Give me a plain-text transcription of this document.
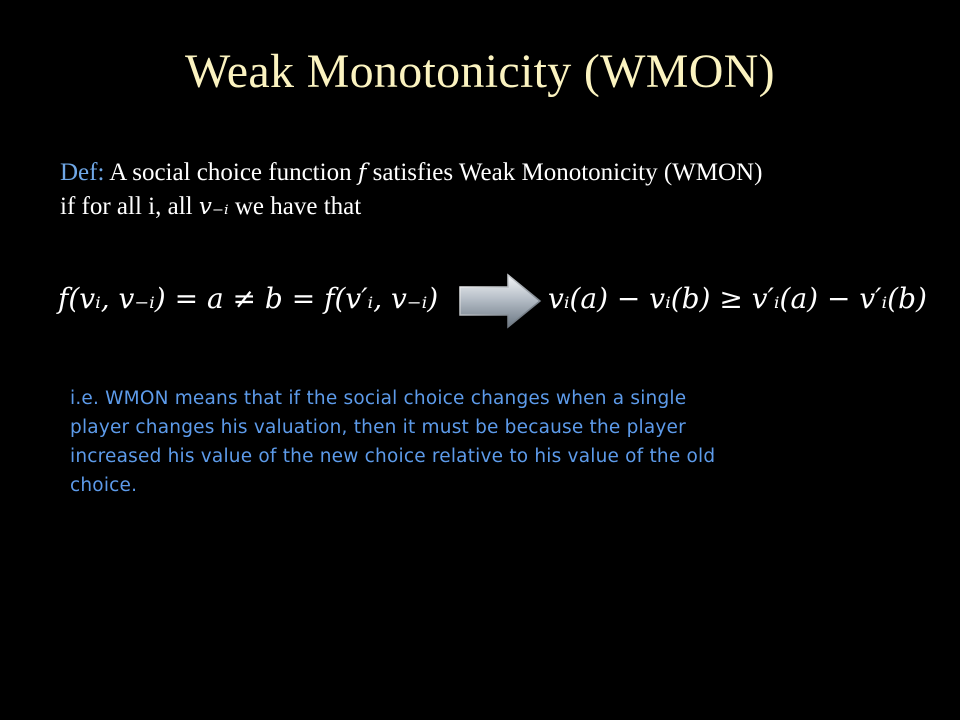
Weak Monotonicity (WMON)
Def: A social choice function f satisfies Weak Monotonicity (WMON)
if for all i, all v₋ᵢ we have that
f(vᵢ, v₋ᵢ) = a ≠ b = f(v′ᵢ, v₋ᵢ)	vᵢ(a) − vᵢ(b) ≥ v′ᵢ(a) − v′ᵢ(b)
i.e. WMON means that if the social choice changes when a single
player changes his valuation, then it must be because the player
increased his value of the new choice relative to his value of the old
choice.
